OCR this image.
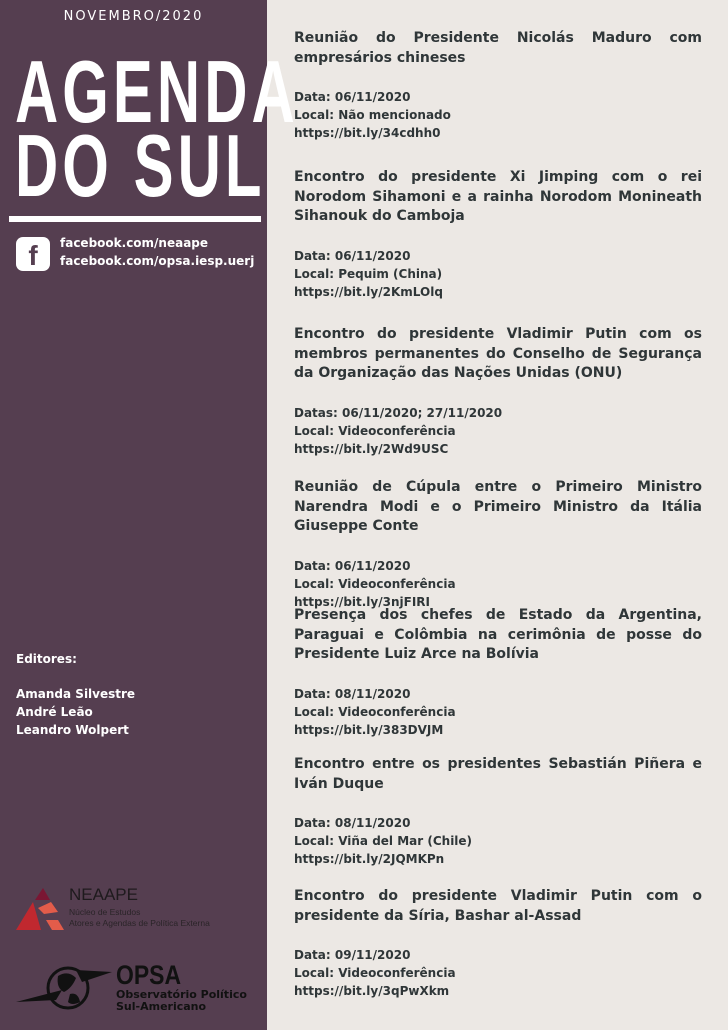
NOVEMBRO/2020
AGENDA
DO SUL
f	facebook.com/neaape
facebook.com/opsa.iesp.uerj
Editores:
Amanda Silvestre
André Leão
Leandro Wolpert
NEAAPE
Núcleo de Estudos
Atores e Agendas de Política Externa
OPSA
Observatório Político
Sul-Americano
Reunião do Presidente Nicolás Maduro com empresários chineses
Data: 06/11/2020
Local: Não mencionado
https://bit.ly/34cdhh0
Encontro do presidente Xi Jimping com o rei Norodom Sihamoni e a rainha Norodom Monineath Sihanouk do Camboja
Data: 06/11/2020
Local: Pequim (China)
https://bit.ly/2KmLOlq
Encontro do presidente Vladimir Putin com os membros permanentes do Conselho de Segurança da Organização das Nações Unidas (ONU)
Datas: 06/11/2020; 27/11/2020
Local: Videoconferência
https://bit.ly/2Wd9USC
Reunião de Cúpula entre o Primeiro Ministro Narendra Modi e o Primeiro Ministro da Itália Giuseppe Conte
Data: 06/11/2020
Local: Videoconferência
https://bit.ly/3njFIRI
Presença dos chefes de Estado da Argentina, Paraguai e Colômbia na cerimônia de posse do Presidente Luiz Arce na Bolívia
Data: 08/11/2020
Local: Videoconferência
https://bit.ly/383DVJM
Encontro entre os presidentes Sebastián Piñera e Iván Duque
Data: 08/11/2020
Local: Viña del Mar (Chile)
https://bit.ly/2JQMKPn
Encontro do presidente Vladimir Putin com o presidente da Síria, Bashar al-Assad
Data: 09/11/2020
Local: Videoconferência
https://bit.ly/3qPwXkm
